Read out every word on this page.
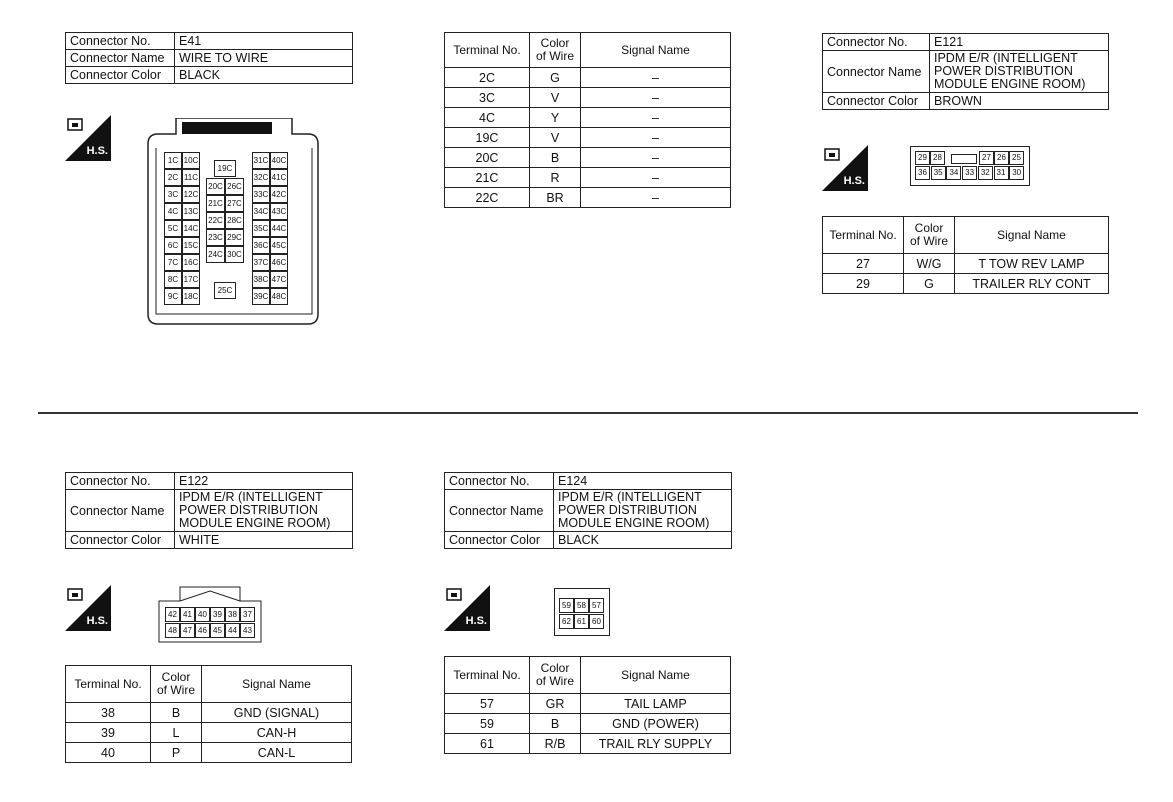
Connector No.	E41
Connector Name	WIRE TO WIRE
Connector Color	BLACK
H.S.
1C 10C	31C 40C
2C 11C	32C 41C
3C 12C	33C 42C
4C 13C	34C 43C
5C 14C	35C 44C
6C 15C	36C 45C
7C 16C	37C 46C
8C 17C	38C 47C
9C 18C	39C 48C
19C
20C 26C
21C 27C
22C 28C
23C 29C
24C 30C
25C
Terminal No.	Color of Wire	Signal Name
2C	G	–
3C	V	–
4C	Y	–
19C	V	–
20C	B	–
21C	R	–
22C	BR	–
Connector No.	E121
Connector Name	IPDM E/R (INTELLIGENT POWER DISTRIBUTION MODULE ENGINE ROOM)
Connector Color	BROWN
H.S.
29 28	27 26 25
36 35 34 33 32 31 30
Terminal No.	Color of Wire	Signal Name
27	W/G	T TOW REV LAMP
29	G	TRAILER RLY CONT
Connector No.	E122
Connector Name	IPDM E/R (INTELLIGENT POWER DISTRIBUTION MODULE ENGINE ROOM)
Connector Color	WHITE
H.S.
42
48
41
47
40
46
39
45
38
44
37
43
Terminal No.	Color of Wire	Signal Name
38	B	GND (SIGNAL)
39	L	CAN-H
40	P	CAN-L
Connector No.	E124
Connector Name	IPDM E/R (INTELLIGENT POWER DISTRIBUTION MODULE ENGINE ROOM)
Connector Color	BLACK
H.S.
59
62
58
61
57
60
Terminal No.	Color of Wire	Signal Name
57	GR	TAIL LAMP
59	B	GND (POWER)
61	R/B	TRAIL RLY SUPPLY
